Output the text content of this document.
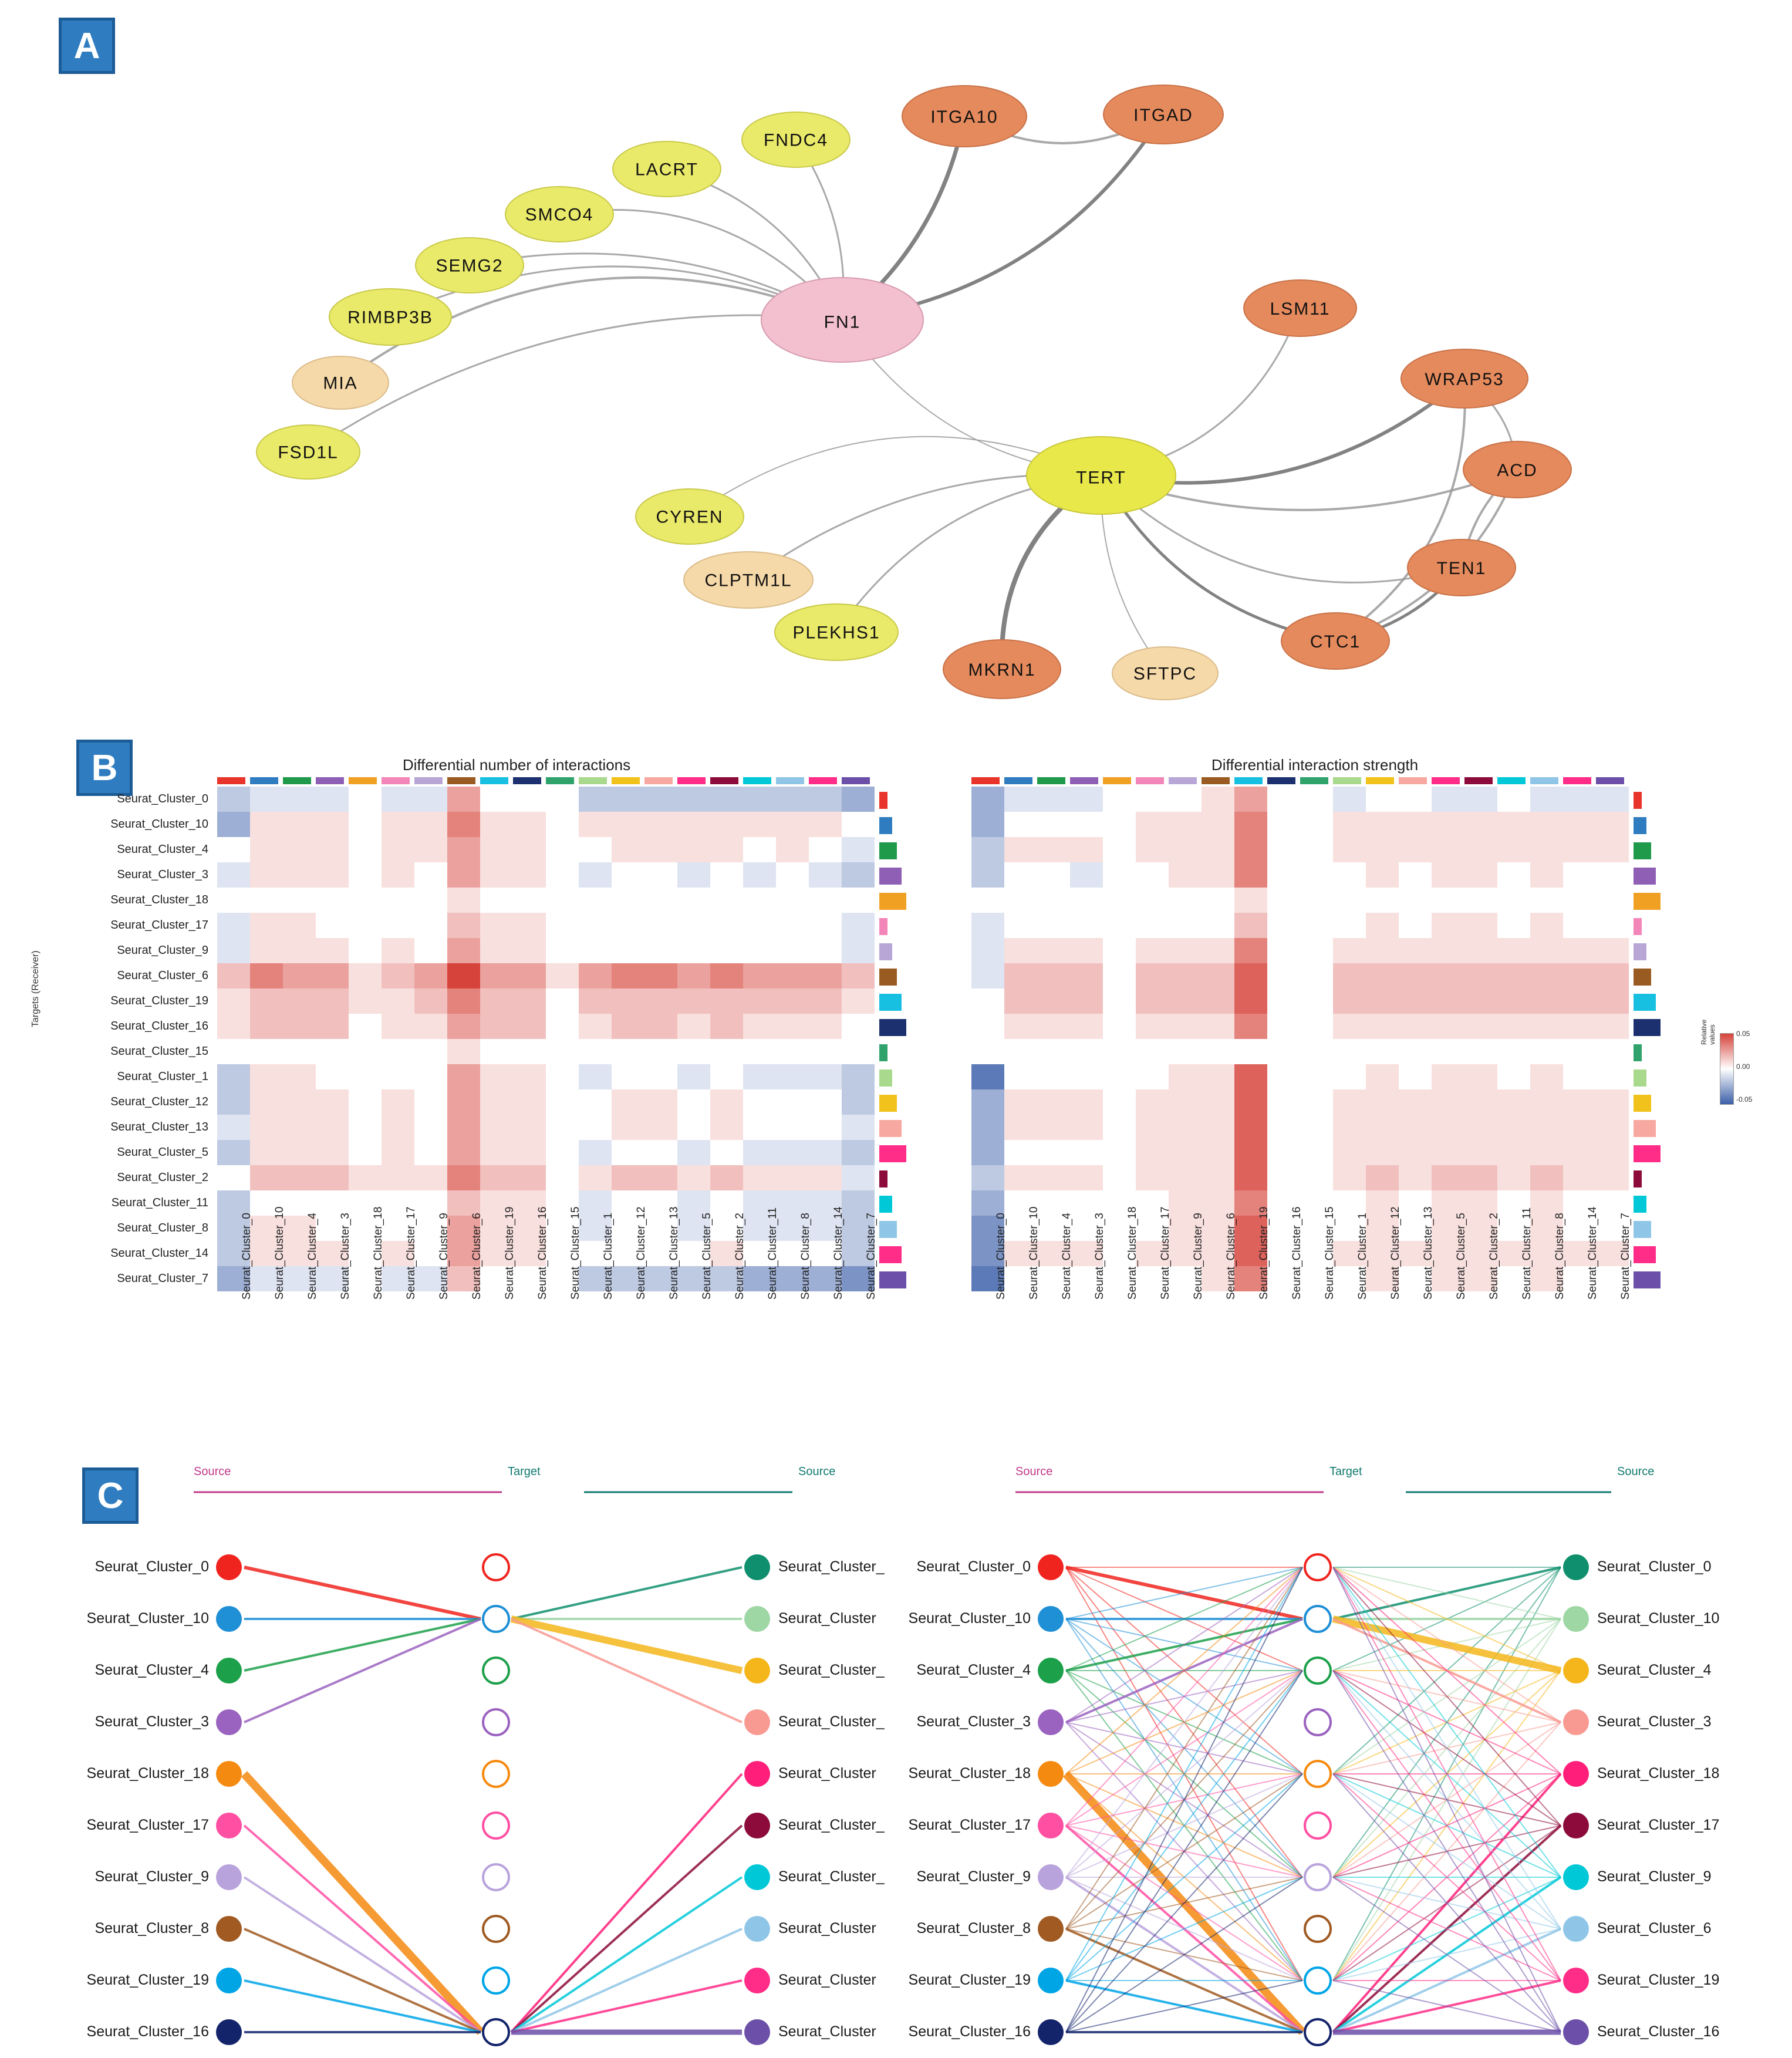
A
FN1
TERT
ITGA10	ITGAD
FNDC4
LACRT
SMCO4
SEMG2
RIMBP3B
MIA
FSD1L
CYREN
CLPTM1L
PLEKHS1
MKRN1	SFTPC
CTC1
TEN1
ACD
WRAP53
LSM11
B	Differential number of interactions
Seurat_Cluster_0
Seurat_Cluster_10
Seurat_Cluster_4
Seurat_Cluster_3
Seurat_Cluster_18
Seurat_Cluster_17
Seurat_Cluster_9
Seurat_Cluster_6
Seurat_Cluster_19
Seurat_Cluster_16
Seurat_Cluster_15
Seurat_Cluster_1
Seurat_Cluster_12
Seurat_Cluster_13
Seurat_Cluster_5
Seurat_Cluster_2
Seurat_Cluster_11
Seurat_Cluster_8
Seurat_Cluster_14
Seurat_Cluster_7	Seurat_Cluster_0 Seurat_Cluster_10 Seurat_Cluster_4 Seurat_Cluster_3 Seurat_Cluster_18 Seurat_Cluster_17 Seurat_Cluster_9 Seurat_Cluster_6 Seurat_Cluster_19 Seurat_Cluster_16 Seurat_Cluster_15 Seurat_Cluster_1 Seurat_Cluster_12 Seurat_Cluster_13 Seurat_Cluster_5 Seurat_Cluster_2 Seurat_Cluster_11 Seurat_Cluster_8 Seurat_Cluster_14 Seurat_Cluster_7
Differential interaction strength
Seurat_Cluster_0 Seurat_Cluster_10 Seurat_Cluster_4 Seurat_Cluster_3 Seurat_Cluster_18 Seurat_Cluster_17 Seurat_Cluster_9 Seurat_Cluster_6 Seurat_Cluster_19 Seurat_Cluster_16 Seurat_Cluster_15 Seurat_Cluster_1 Seurat_Cluster_12 Seurat_Cluster_13 Seurat_Cluster_5 Seurat_Cluster_2 Seurat_Cluster_11 Seurat_Cluster_8 Seurat_Cluster_14 Seurat_Cluster_7
Targets (Receiver)
Relative values	0.05
0.00
-0.05
C
Source	Target	Source
Seurat_Cluster_0	Seurat_Cluster_
Seurat_Cluster_10	Seurat_Cluster
Seurat_Cluster_4	Seurat_Cluster_
Seurat_Cluster_3	Seurat_Cluster_
Seurat_Cluster_18	Seurat_Cluster
Seurat_Cluster_17	Seurat_Cluster_
Seurat_Cluster_9	Seurat_Cluster_
Seurat_Cluster_8	Seurat_Cluster
Seurat_Cluster_19	Seurat_Cluster
Seurat_Cluster_16	Seurat_Cluster
Source	Target	Source
Seurat_Cluster_0	Seurat_Cluster_0
Seurat_Cluster_10	Seurat_Cluster_10
Seurat_Cluster_4	Seurat_Cluster_4
Seurat_Cluster_3	Seurat_Cluster_3
Seurat_Cluster_18	Seurat_Cluster_18
Seurat_Cluster_17	Seurat_Cluster_17
Seurat_Cluster_9	Seurat_Cluster_9
Seurat_Cluster_8	Seurat_Cluster_6
Seurat_Cluster_19	Seurat_Cluster_19
Seurat_Cluster_16	Seurat_Cluster_16
